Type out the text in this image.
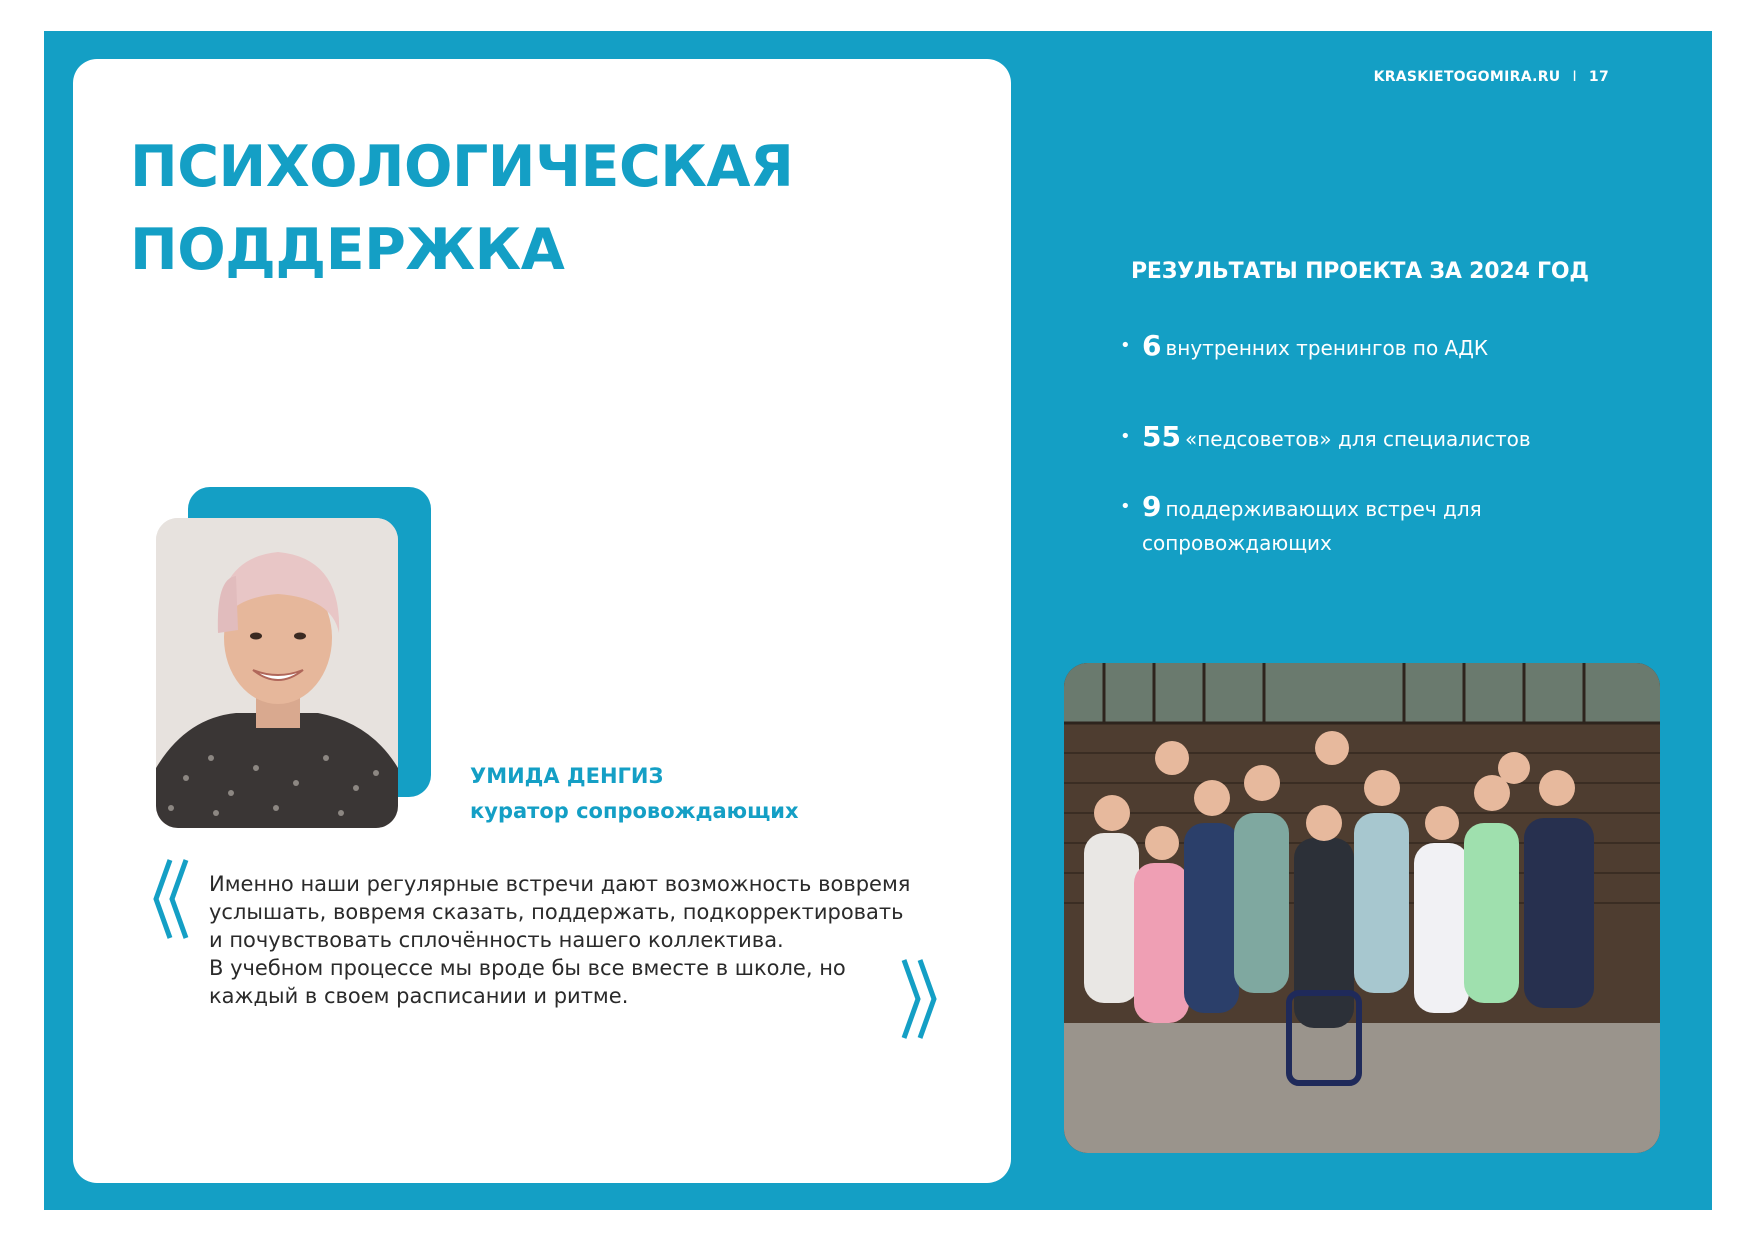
KRASKIETOGOMIRA.RU I 17
ПСИХОЛОГИЧЕСКАЯ
ПОДДЕРЖКА
УМИДА ДЕНГИЗ
куратор сопровождающих
Именно наши регулярные встречи дают возможность вовремя
услышать, вовремя сказать, поддержать, подкорректировать
и почувствовать сплочённость нашего коллектива.
В учебном процессе мы вроде бы все вместе в школе, но
каждый в своем расписании и ритме.
РЕЗУЛЬТАТЫ ПРОЕКТА ЗА 2024 ГОД
• 6 внутренних тренингов по АДК
• 55 «педсоветов» для специалистов
• 9 поддерживающих встреч для
сопровождающих
